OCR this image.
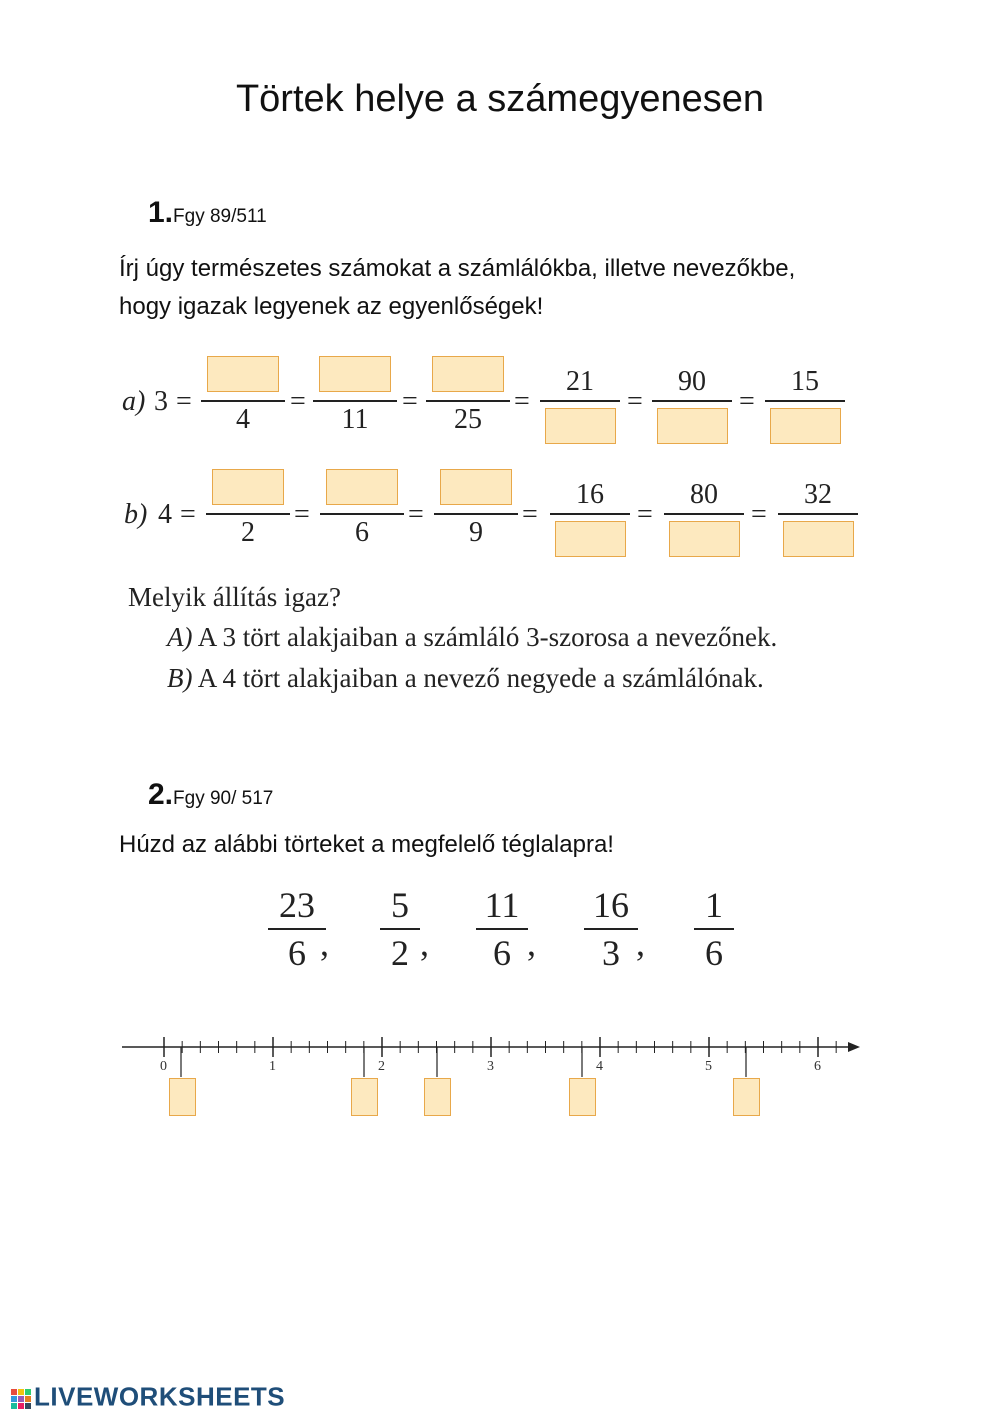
Törtek helye a számegyenesen
1.Fgy 89/511
Írj úgy természetes számokat a számlálókba, illetve nevezőkbe,
hogy igazak legyenek az egyenlőségek!
a) 3 =
4
=
11
=
25
=
21
=
90
=
15
b) 4 =
2
=
6
=
9
=
16
=
80
=
32
Melyik állítás igaz?
A) A 3 tört alakjaiban a számláló 3-szorosa a nevezőnek.
B) A 4 tört alakjaiban a nevező negyede a számlálónak.
2.Fgy 90/ 517
Húzd az alábbi törteket a megfelelő téglalapra!
23
6 ,
5
2 ,
11
6 ,
16
3 ,
1
6
0	1	2	3	4	5	6
LIVEWORKSHEETS
